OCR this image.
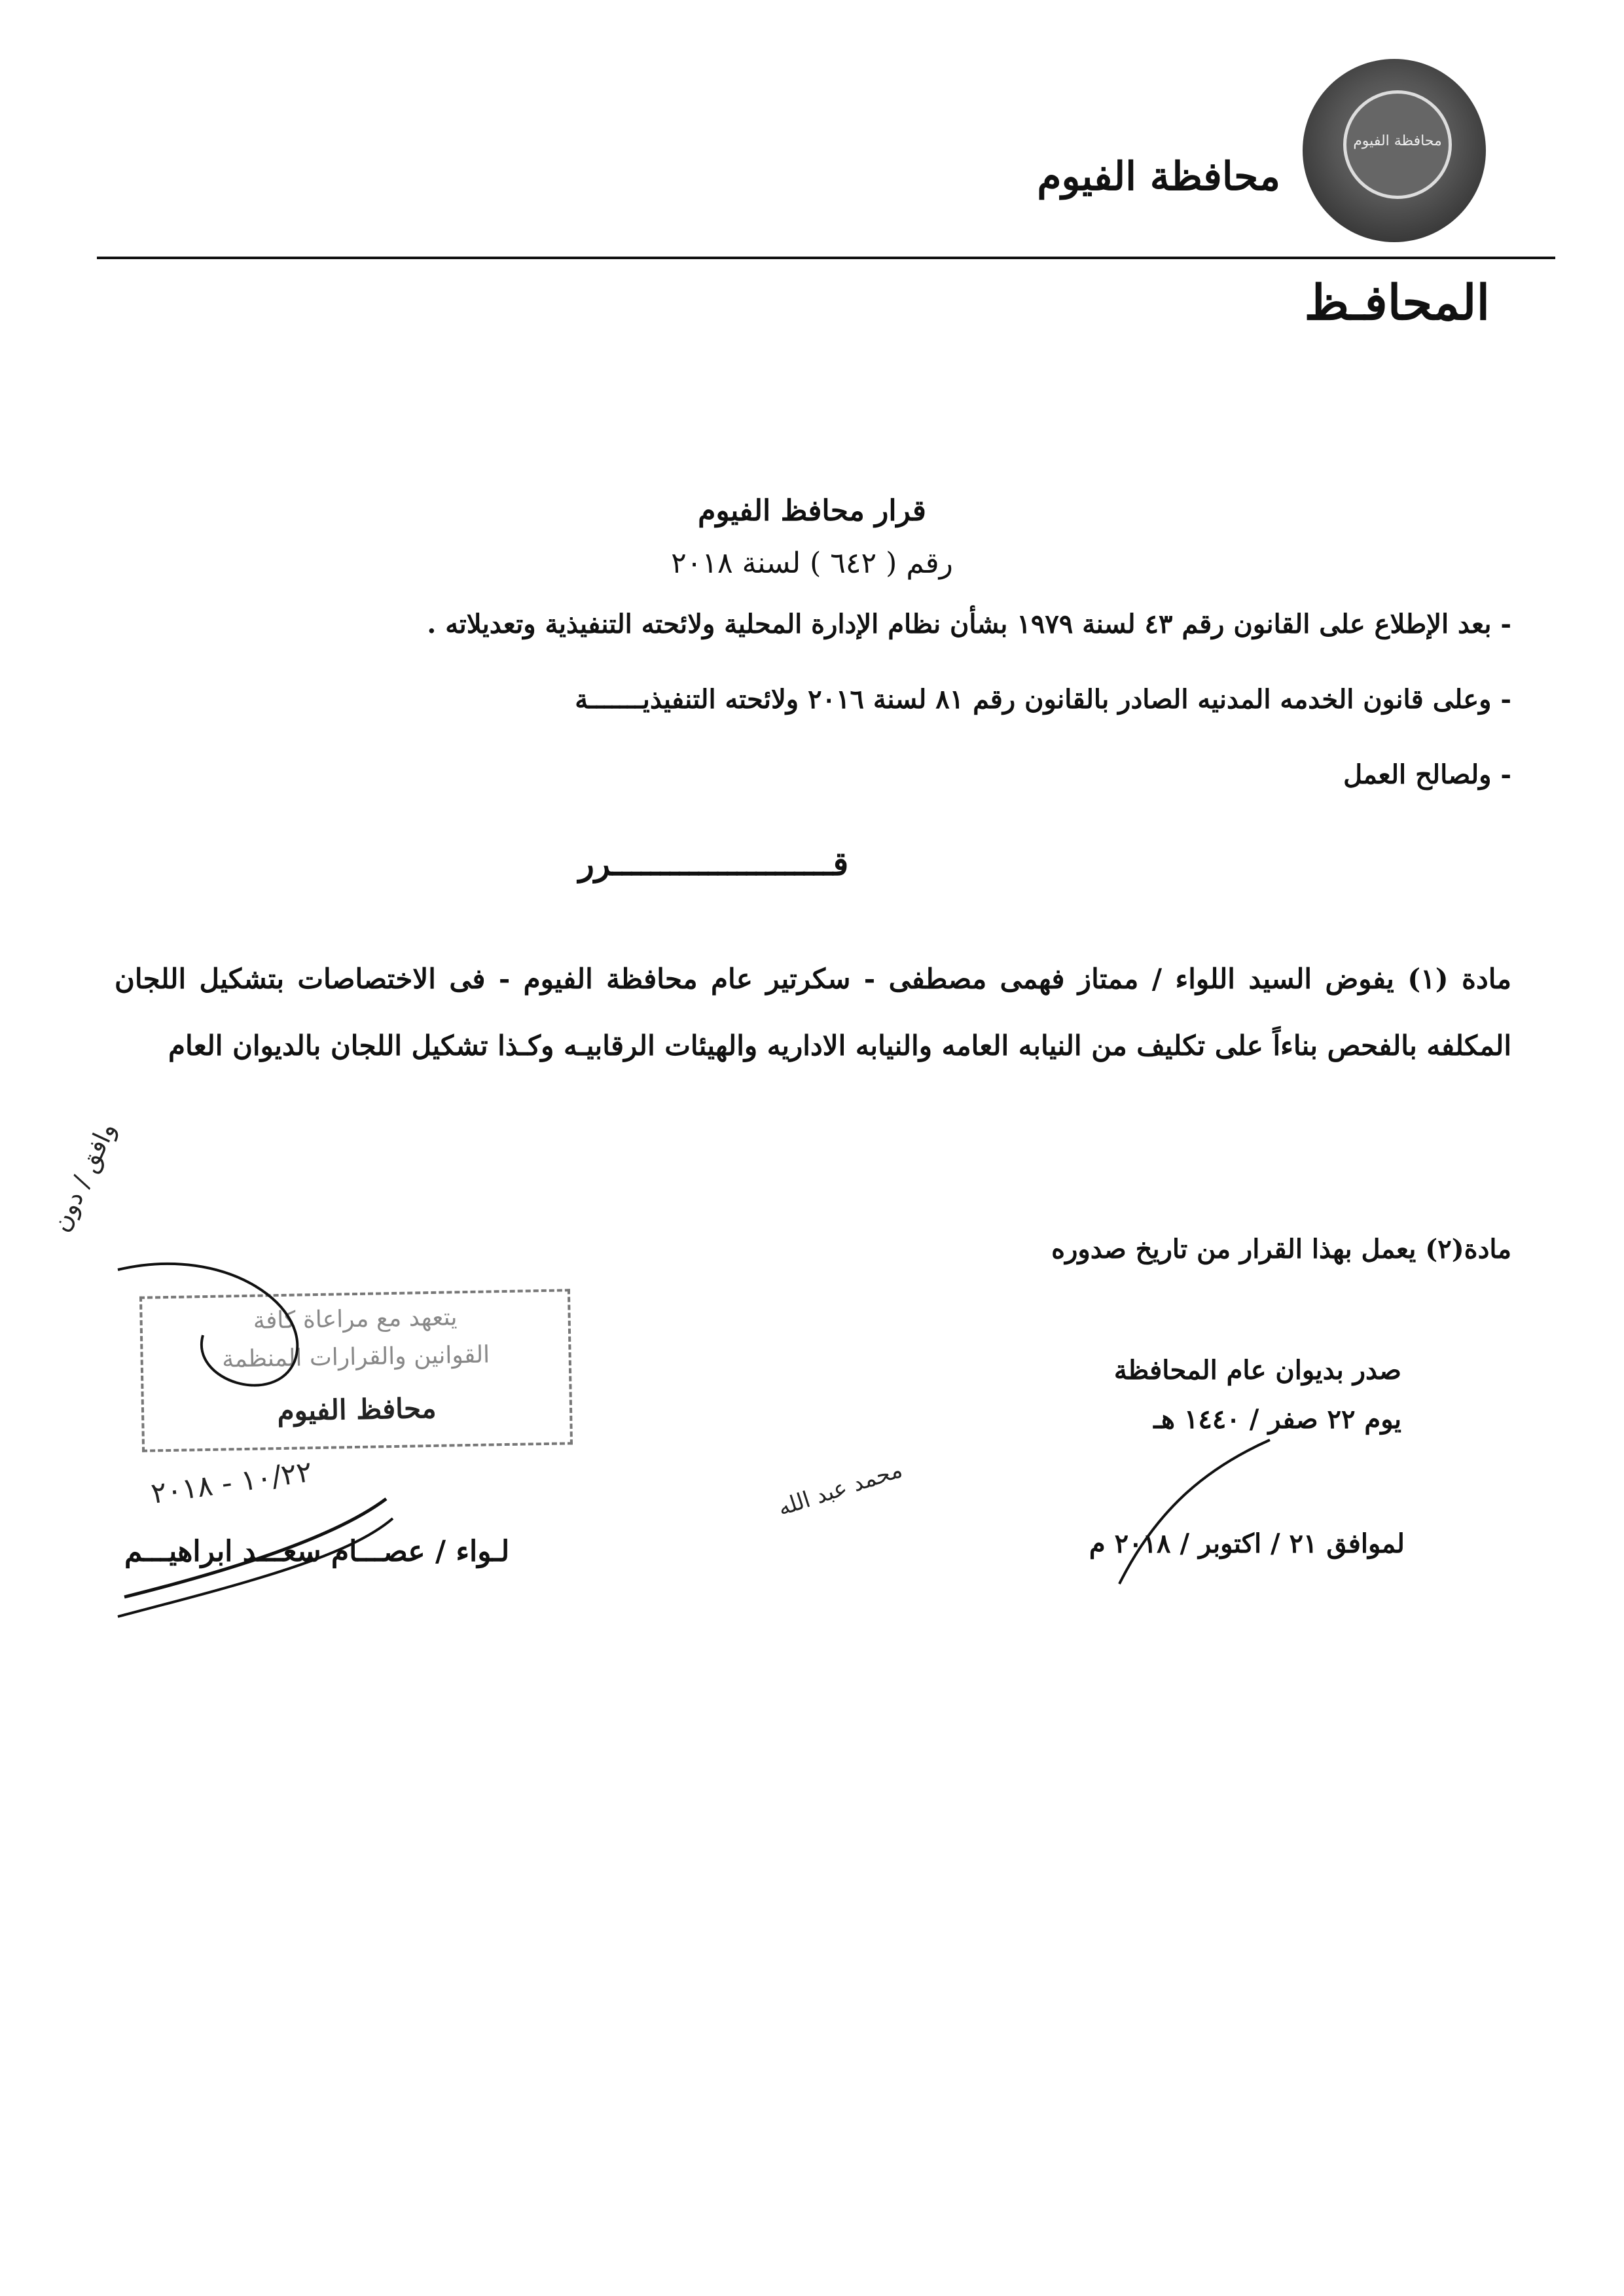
محافظة الفيوم
محافظة الفيوم
المحافـظ
قرار محافظ الفيوم
رقم ( ٦٤٢ ) لسنة ٢٠١٨
- بعد الإطلاع على القانون رقم ٤٣ لسنة ١٩٧٩ بشأن نظام الإدارة المحلية ولائحته التنفيذية وتعديلاته .
- وعلى قانون الخدمه المدنيه الصادر بالقانون رقم ٨١ لسنة ٢٠١٦ ولائحته التنفيذيـــــــة
- ولصالح العمل
قـــــــــــــــــــــــرر
مادة (١) يفوض السيد اللواء / ممتاز فهمى مصطفى - سكرتير عام محافظة الفيوم - فى الاختصاصات بتشكيل اللجان المكلفه بالفحص بناءاً على تكليف من النيابه العامه والنيابه الاداريه والهيئات الرقابيـه وكـذا تشكيل اللجان بالديوان العام
مادة(٢) يعمل بهذا القرار من تاريخ صدوره
صدر بديوان عام المحافظة
يوم ٢٢ صفر / ١٤٤٠ هـ
لموافق ٢١ / اكتوبر / ٢٠١٨ م
يتعهد مع مراعاة كافة
القوانين والقرارات المنظمة
محافظ الفيوم
لـواء / عصـــام سعـــد ابراهيـــم
وافق / دون
محمد عبد الله
١٠/٢٢ - ٢٠١٨
